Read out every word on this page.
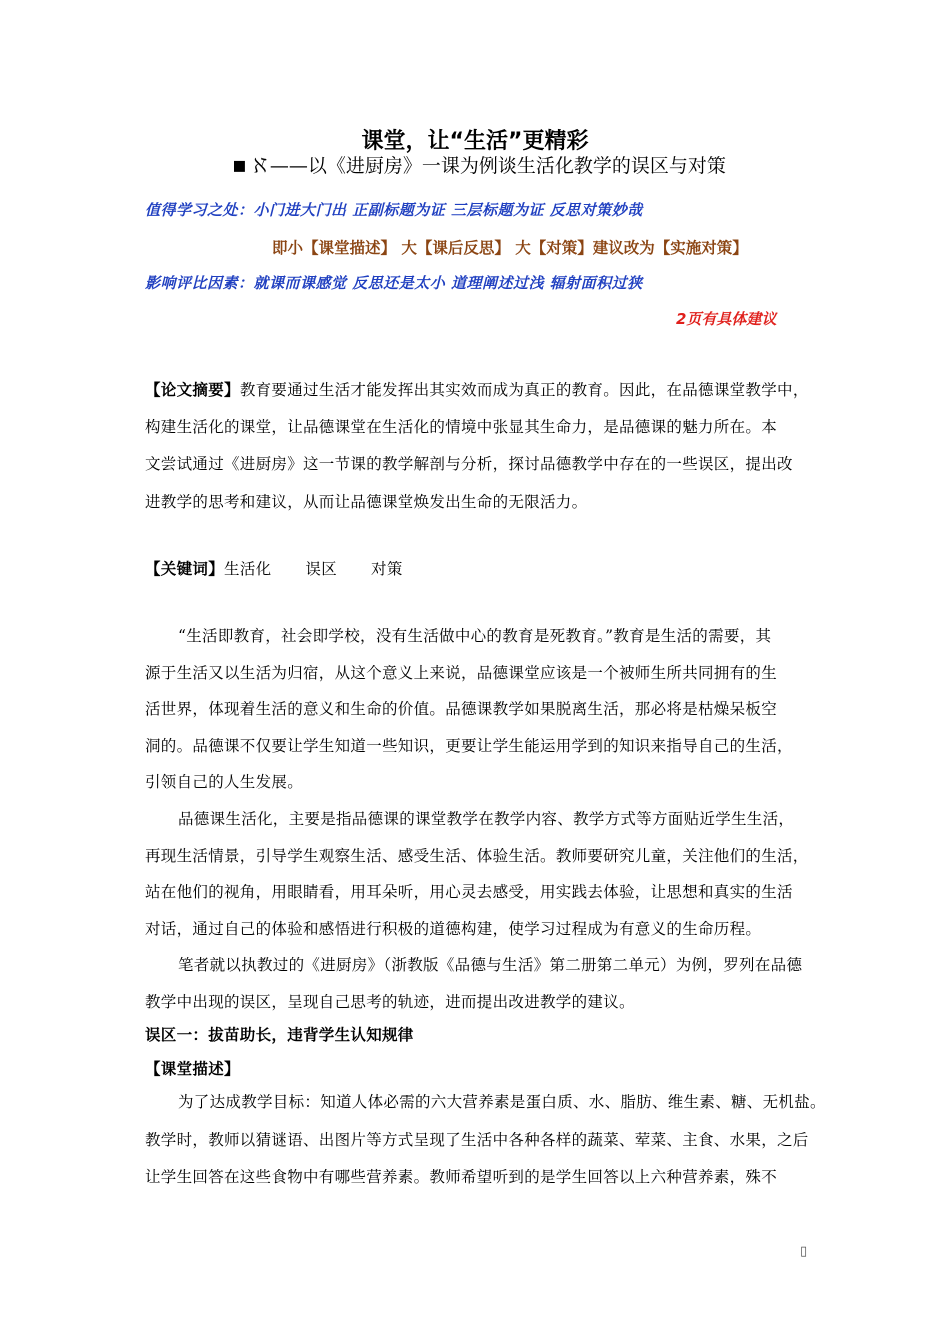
课堂，让“生活”更精彩
▪ ℵ——以《进厨房》一课为例谈生活化教学的误区与对策
值得学习之处：小门进大门出 正副标题为证 三层标题为证 反思对策妙哉
即小【课堂描述】 大【课后反思】 大【对策】建议改为【实施对策】
影响评比因素：就课而课感觉 反思还是太小 道理阐述过浅 辐射面积过狭
2页有具体建议
【论文摘要】教育要通过生活才能发挥出其实效而成为真正的教育。因此，在品德课堂教学中，
构建生活化的课堂，让品德课堂在生活化的情境中张显其生命力，是品德课的魅力所在。本
文尝试通过《进厨房》这一节课的教学解剖与分析，探讨品德教学中存在的一些误区，提出改
进教学的思考和建议，从而让品德课堂焕发出生命的无限活力。
【关键词】生活化 误区 对策
“生活即教育，社会即学校，没有生活做中心的教育是死教育。”教育是生活的需要，其
源于生活又以生活为归宿，从这个意义上来说，品德课堂应该是一个被师生所共同拥有的生
活世界，体现着生活的意义和生命的价值。品德课教学如果脱离生活，那必将是枯燥呆板空
洞的。品德课不仅要让学生知道一些知识，更要让学生能运用学到的知识来指导自己的生活，
引领自己的人生发展。
品德课生活化，主要是指品德课的课堂教学在教学内容、教学方式等方面贴近学生生活，
再现生活情景，引导学生观察生活、感受生活、体验生活。教师要研究儿童，关注他们的生活，
站在他们的视角，用眼睛看，用耳朵听，用心灵去感受，用实践去体验，让思想和真实的生活
对话，通过自己的体验和感悟进行积极的道德构建，使学习过程成为有意义的生命历程。
笔者就以执教过的《进厨房》（浙教版《品德与生活》第二册第二单元）为例，罗列在品德
教学中出现的误区，呈现自己思考的轨迹，进而提出改进教学的建议。
误区一：拔苗助长，违背学生认知规律
【课堂描述】
为了达成教学目标：知道人体必需的六大营养素是蛋白质、水、脂肪、维生素、糖、无机盐。
教学时，教师以猜谜语、出图片等方式呈现了生活中各种各样的蔬菜、荤菜、主食、水果，之后
让学生回答在这些食物中有哪些营养素。教师希望听到的是学生回答以上六种营养素，殊不
▯
